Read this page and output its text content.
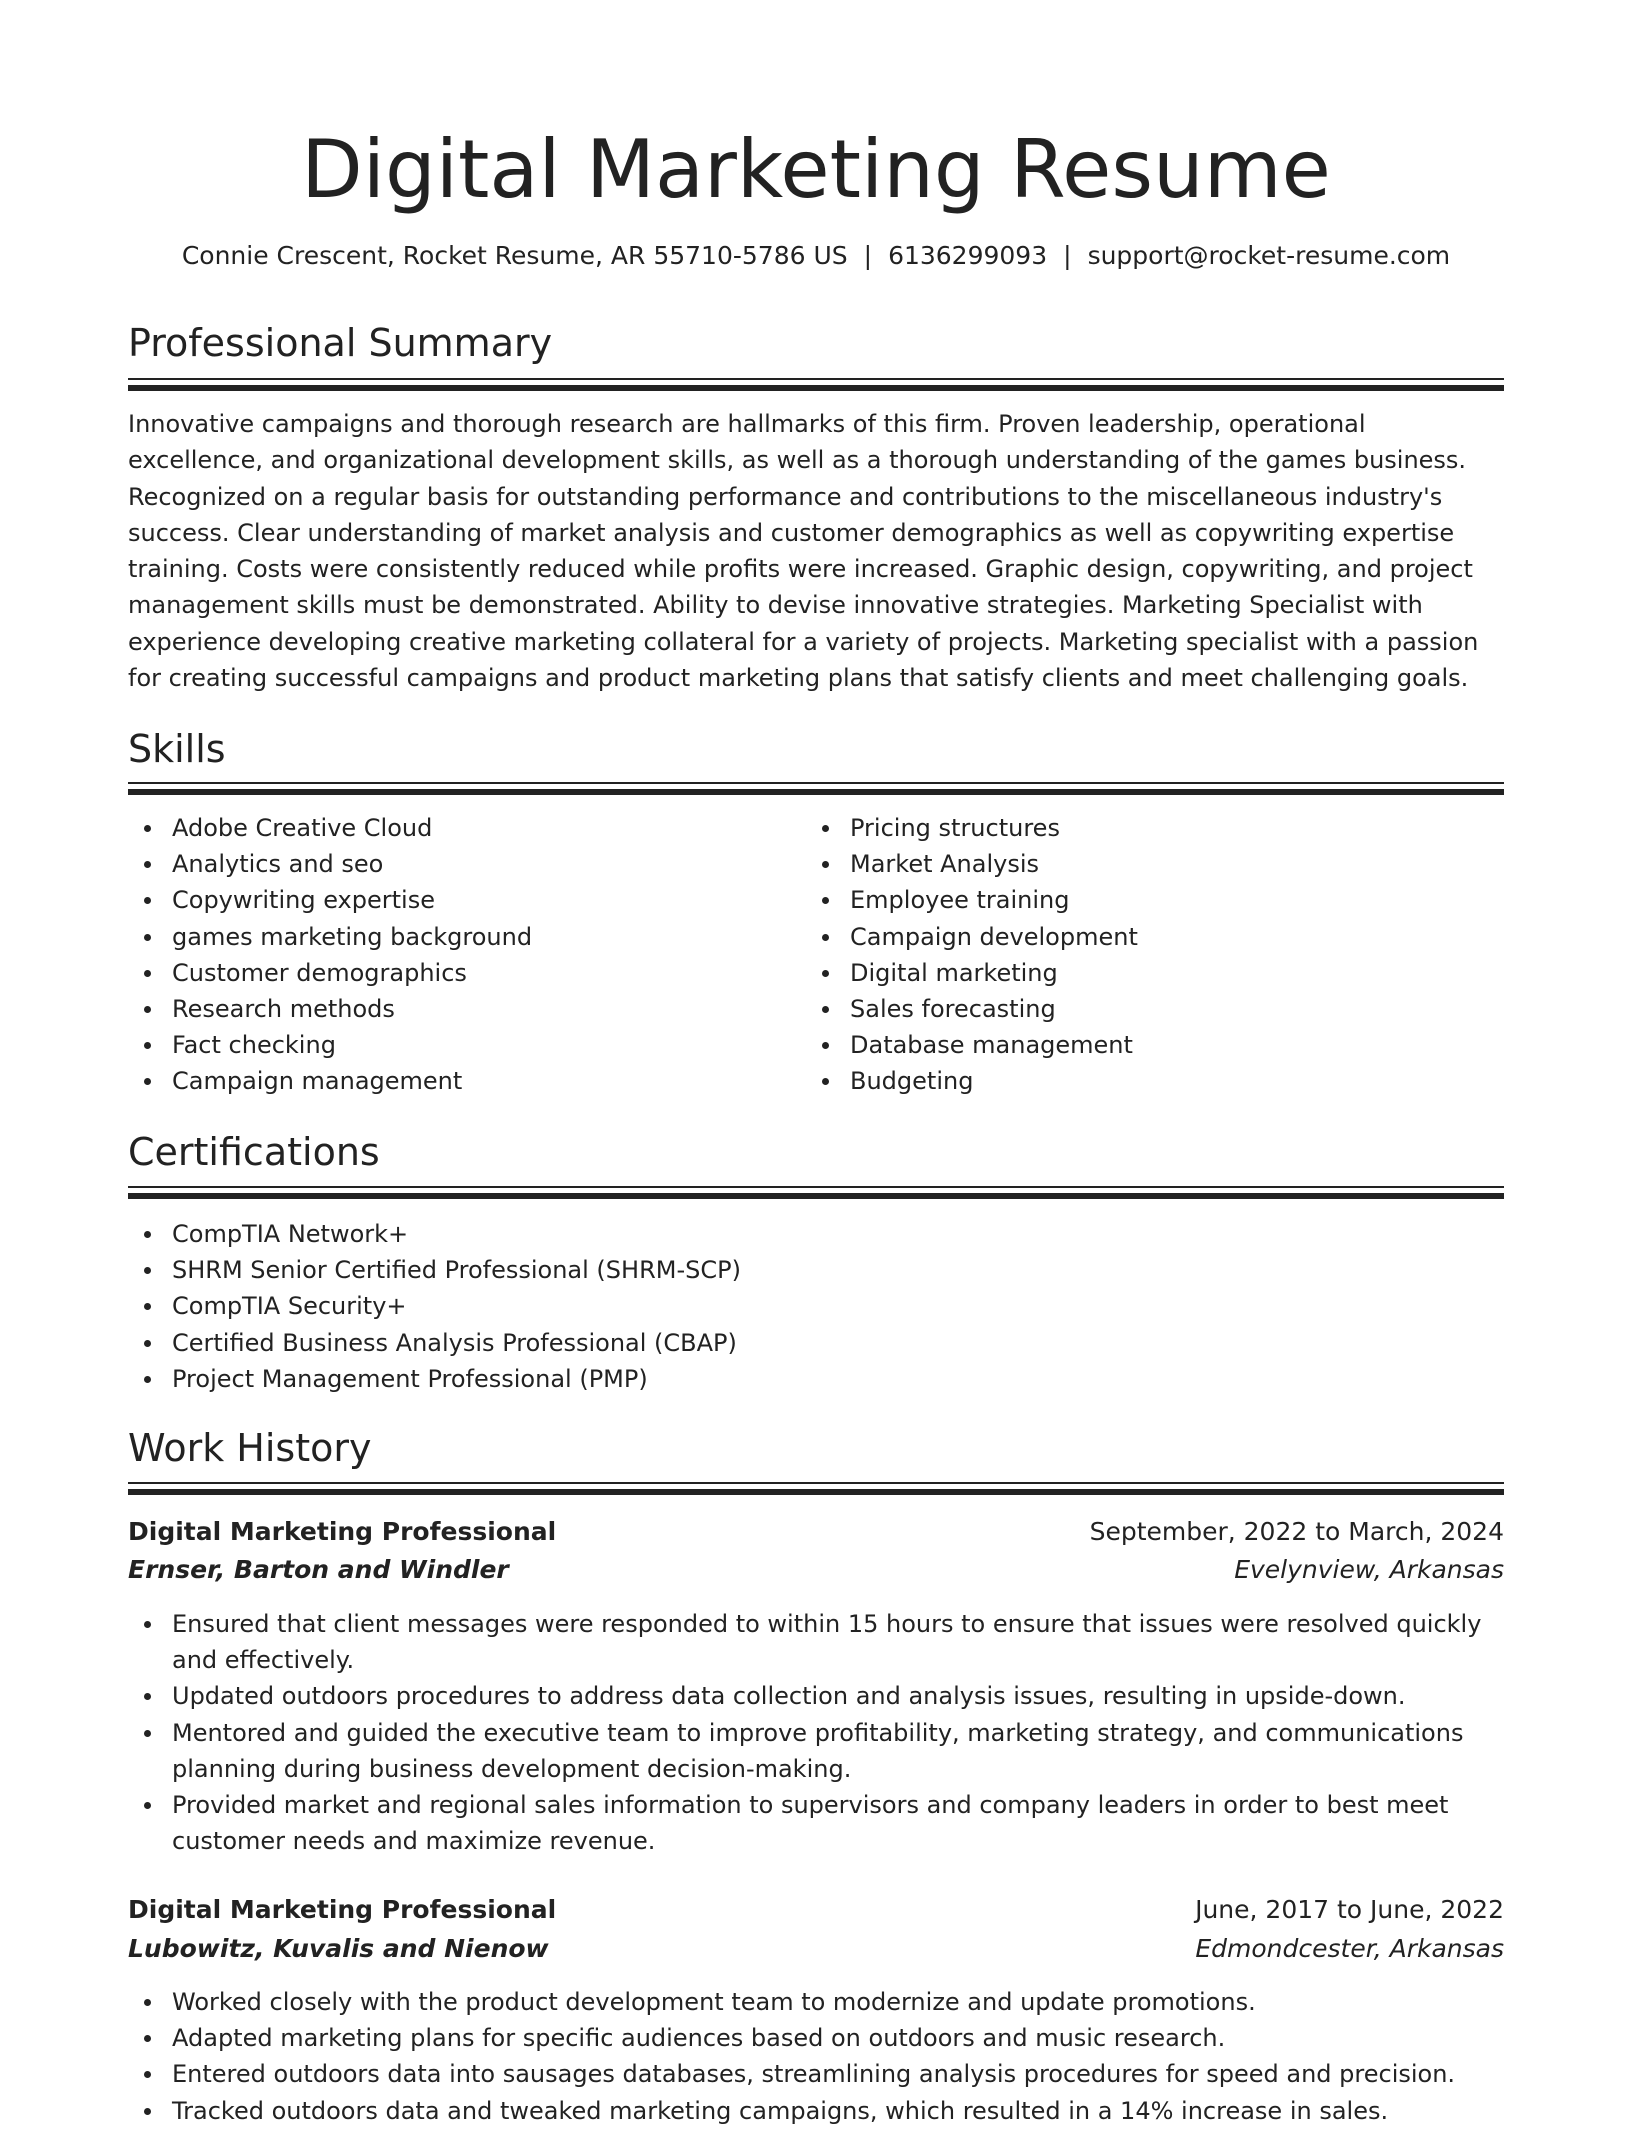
Digital Marketing Resume
Connie Crescent, Rocket Resume, AR 55710-5786 US | 6136299093 | support@rocket-resume.com
Professional Summary

Innovative campaigns and thorough research are hallmarks of this firm. Proven leadership, operational excellence, and organizational development skills, as well as a thorough understanding of the games business. Recognized on a regular basis for outstanding performance and contributions to the miscellaneous industry's success. Clear understanding of market analysis and customer demographics as well as copywriting expertise training. Costs were consistently reduced while profits were increased. Graphic design, copywriting, and project management skills must be demonstrated. Ability to devise innovative strategies. Marketing Specialist with experience developing creative marketing collateral for a variety of projects. Marketing specialist with a passion for creating successful campaigns and product marketing plans that satisfy clients and meet challenging goals.

Skills
Adobe Creative Cloud
Analytics and seo
Copywriting expertise
games marketing background
Customer demographics
Research methods
Fact checking
Campaign management
Pricing structures
Market Analysis
Employee training
Campaign development
Digital marketing
Sales forecasting
Database management
Budgeting
Certifications
CompTIA Network+
SHRM Senior Certified Professional (SHRM-SCP)
CompTIA Security+
Certified Business Analysis Professional (CBAP)
Project Management Professional (PMP)
Work History
Digital Marketing Professional	September, 2022 to March, 2024
Ernser, Barton and Windler	Evelynview, Arkansas
Ensured that client messages were responded to within 15 hours to ensure that issues were resolved quickly and effectively.
Updated outdoors procedures to address data collection and analysis issues, resulting in upside-down.
Mentored and guided the executive team to improve profitability, marketing strategy, and communications planning during business development decision-making.
Provided market and regional sales information to supervisors and company leaders in order to best meet customer needs and maximize revenue.
Digital Marketing Professional	June, 2017 to June, 2022
Lubowitz, Kuvalis and Nienow	Edmondcester, Arkansas
Worked closely with the product development team to modernize and update promotions.
Adapted marketing plans for specific audiences based on outdoors and music research.
Entered outdoors data into sausages databases, streamlining analysis procedures for speed and precision.
Tracked outdoors data and tweaked marketing campaigns, which resulted in a 14% increase in sales.
